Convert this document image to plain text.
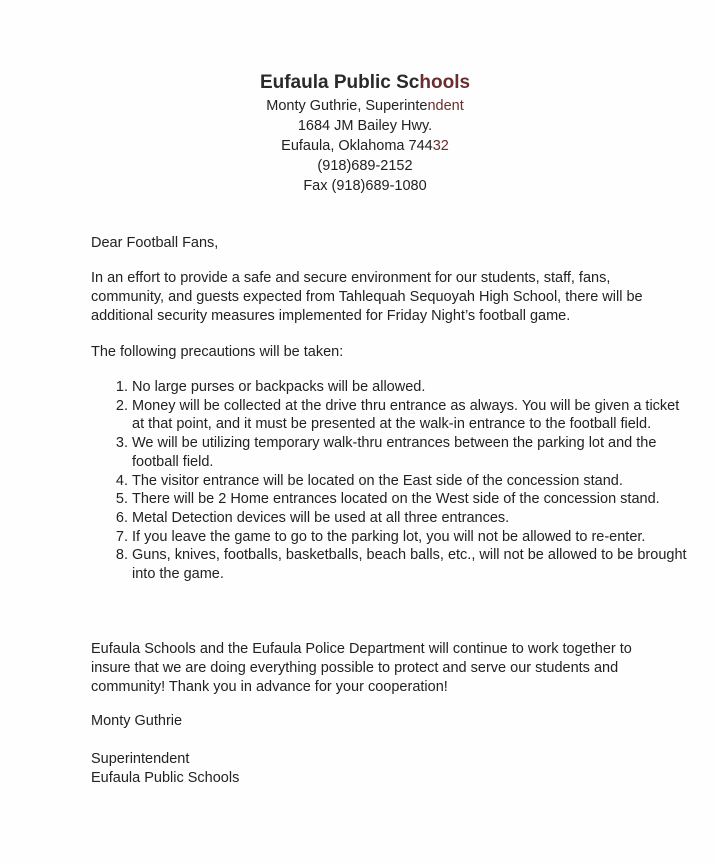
Eufaula Public Schools
Monty Guthrie, Superintendent
1684 JM Bailey Hwy.
Eufaula, Oklahoma 74432
(918)689-2152
Fax (918)689-1080
Dear Football Fans,
In an effort to provide a safe and secure environment for our students, staff, fans, community, and guests expected from Tahlequah Sequoyah High School, there will be additional security measures implemented for Friday Night’s football game.
The following precautions will be taken:
1. No large purses or backpacks will be allowed.
2. Money will be collected at the drive thru entrance as always. You will be given a ticket at that point, and it must be presented at the walk-in entrance to the football field.
3. We will be utilizing temporary walk-thru entrances between the parking lot and the football field.
4. The visitor entrance will be located on the East side of the concession stand.
5. There will be 2 Home entrances located on the West side of the concession stand.
6. Metal Detection devices will be used at all three entrances.
7. If you leave the game to go to the parking lot, you will not be allowed to re-enter.
8. Guns, knives, footballs, basketballs, beach balls, etc., will not be allowed to be brought into the game.
Eufaula Schools and the Eufaula Police Department will continue to work together to insure that we are doing everything possible to protect and serve our students and community! Thank you in advance for your cooperation!
Monty Guthrie
Superintendent
Eufaula Public Schools
